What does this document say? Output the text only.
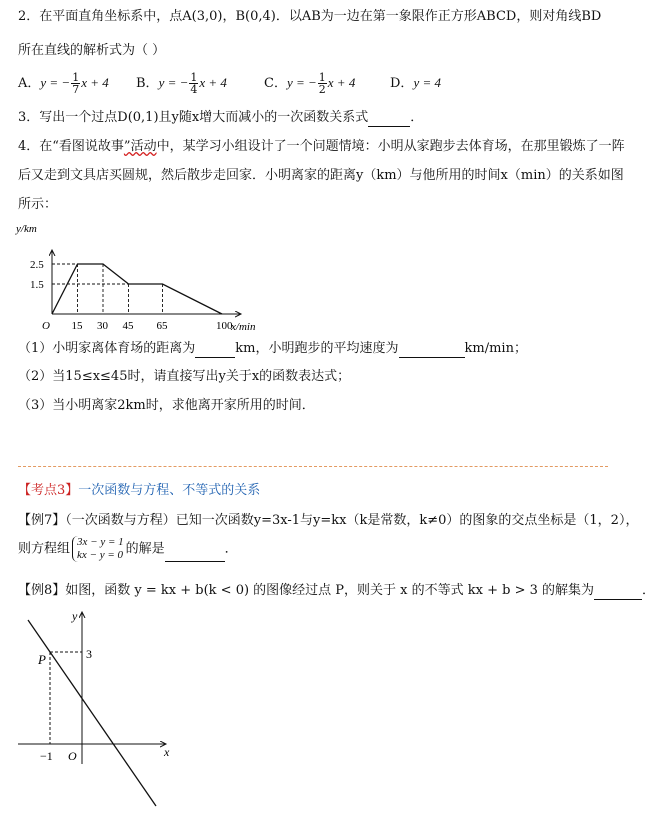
2．在平面直角坐标系中，点A(3,0)，B(0,4)．以AB为一边在第一象限作正方形ABCD，则对角线BD
所在直线的解析式为（ ）
A．y = − $\frac{1}{7}$ x + 4 B．y = − $\frac{1}{4}$ x + 4	C．y = − $\frac{1}{2}$ x + 4	D．y = 4
3．写出一个过点D(0,1)且y随x增大而减小的一次函数关系式	．
4．在“看图说故事”活动中，某学习小组设计了一个问题情境：小明从家跑步去体育场，在那里锻炼了一阵
后又走到文具店买圆规，然后散步走回家．小明离家的距离y（km）与他所用的时间x（min）的关系如图
所示：
O 15 30 45 65	100
2.5
1.5
x/min
y/km
（1）小明家离体育场的距离为	km，小明跑步的平均速度为	km/min；
（2）当15≤x≤45时，请直接写出y关于x的函数表达式；
（3）当小明离家2km时，求他离开家所用的时间．
【考点3】一次函数与方程、不等式的关系
【例7】（一次函数与方程）已知一次函数y=3x-1与y=kx（k是常数，k≠0）的图象的交点坐标是（1，2），
则方程组 3x − y = 1
kx − y = 0 的解是	．
【例8】如图，函数 y = kx + b(k < 0) 的图像经过点 P，则关于 x 的不等式 kx + b > 3 的解集为	．
P	3
−1 O	x
y
